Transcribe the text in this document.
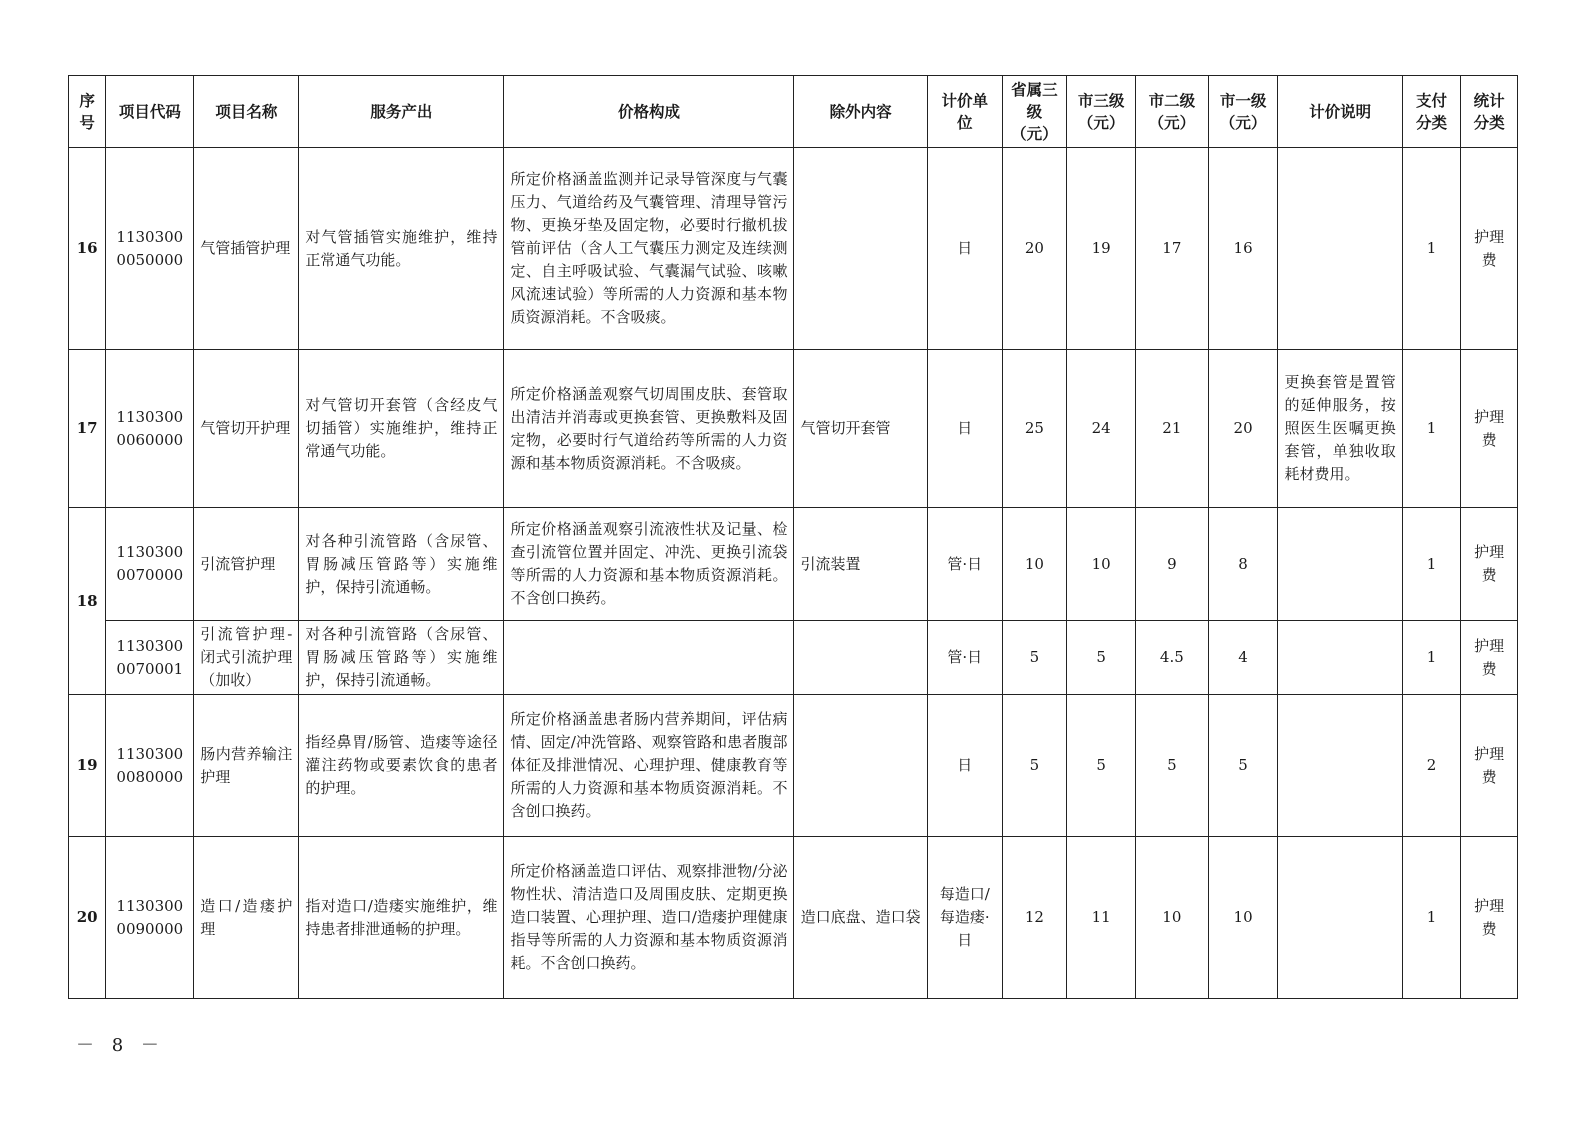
序号	项目代码	项目名称	服务产出	价格构成	除外内容	计价单位	省属三级（元）	市三级（元）	市二级（元）	市一级（元）	计价说明	支付分类	统计分类
16	11303000050000	气管插管护理	对气管插管实施维护，维持正常通气功能。	所定价格涵盖监测并记录导管深度与气囊压力、气道给药及气囊管理、清理导管污物、更换牙垫及固定物，必要时行撤机拔管前评估（含人工气囊压力测定及连续测定、自主呼吸试验、气囊漏气试验、咳嗽风流速试验）等所需的人力资源和基本物质资源消耗。不含吸痰。		日	20	19	17	16		1	护理费
17	11303000060000	气管切开护理	对气管切开套管（含经皮气切插管）实施维护，维持正常通气功能。	所定价格涵盖观察气切周围皮肤、套管取出清洁并消毒或更换套管、更换敷料及固定物，必要时行气道给药等所需的人力资源和基本物质资源消耗。不含吸痰。	气管切开套管	日	25	24	21	20	更换套管是置管的延伸服务，按照医生医嘱更换套管，单独收取耗材费用。	1	护理费
18	11303000070000	引流管护理	对各种引流管路（含尿管、胃肠减压管路等）实施维护，保持引流通畅。	所定价格涵盖观察引流液性状及记量、检查引流管位置并固定、冲洗、更换引流袋等所需的人力资源和基本物质资源消耗。不含创口换药。	引流装置	管·日	10	10	9	8		1	护理费
	11303000070001	引流管护理-闭式引流护理（加收）	对各种引流管路（含尿管、胃肠减压管路等）实施维护，保持引流通畅。			管·日	5	5	4.5	4		1	护理费
19	11303000080000	肠内营养输注护理	指经鼻胃/肠管、造瘘等途径灌注药物或要素饮食的患者的护理。	所定价格涵盖患者肠内营养期间，评估病情、固定/冲洗管路、观察管路和患者腹部体征及排泄情况、心理护理、健康教育等所需的人力资源和基本物质资源消耗。不含创口换药。		日	5	5	5	5		2	护理费
20	11303000090000	造口/造瘘护理	指对造口/造瘘实施维护，维持患者排泄通畅的护理。	所定价格涵盖造口评估、观察排泄物/分泌物性状、清洁造口及周围皮肤、定期更换造口装置、心理护理、造口/造瘘护理健康指导等所需的人力资源和基本物质资源消耗。不含创口换药。	造口底盘、造口袋	每造口/每造瘘·日	12	11	10	10		1	护理费
－ 8 －
